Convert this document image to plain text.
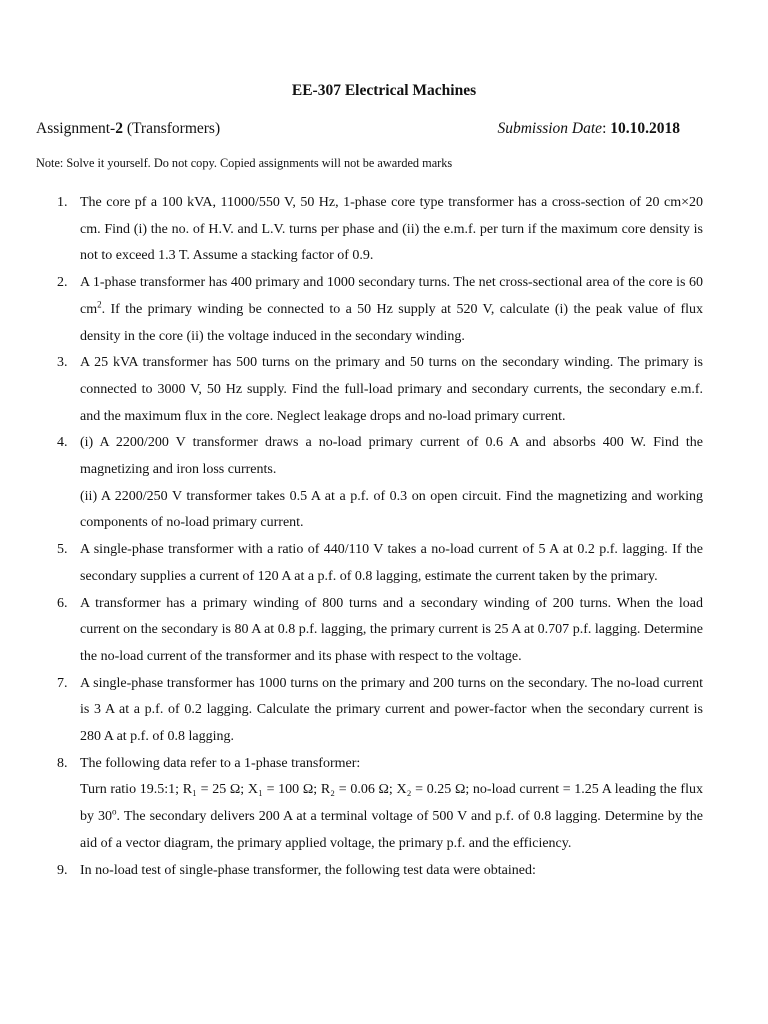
EE-307 Electrical Machines
Assignment-2 (Transformers)	Submission Date: 10.10.2018
Note: Solve it yourself. Do not copy. Copied assignments will not be awarded marks
1. The core pf a 100 kVA, 11000/550 V, 50 Hz, 1-phase core type transformer has a cross-section of 20 cm×20 cm. Find (i) the no. of H.V. and L.V. turns per phase and (ii) the e.m.f. per turn if the maximum core density is not to exceed 1.3 T. Assume a stacking factor of 0.9.
2. A 1-phase transformer has 400 primary and 1000 secondary turns. The net cross-sectional area of the core is 60 $cm^2$. If the primary winding be connected to a 50 Hz supply at 520 V, calculate (i) the peak value of flux density in the core (ii) the voltage induced in the secondary winding.
3. A 25 kVA transformer has 500 turns on the primary and 50 turns on the secondary winding. The primary is connected to 3000 V, 50 Hz supply. Find the full-load primary and secondary currents, the secondary e.m.f. and the maximum flux in the core. Neglect leakage drops and no-load primary current.
4. (i) A 2200/200 V transformer draws a no-load primary current of 0.6 A and absorbs 400 W. Find the magnetizing and iron loss currents.
(ii) A 2200/250 V transformer takes 0.5 A at a p.f. of 0.3 on open circuit. Find the magnetizing and working components of no-load primary current.
5. A single-phase transformer with a ratio of 440/110 V takes a no-load current of 5 A at 0.2 p.f. lagging. If the secondary supplies a current of 120 A at a p.f. of 0.8 lagging, estimate the current taken by the primary.
6. A transformer has a primary winding of 800 turns and a secondary winding of 200 turns. When the load current on the secondary is 80 A at 0.8 p.f. lagging, the primary current is 25 A at 0.707 p.f. lagging. Determine the no-load current of the transformer and its phase with respect to the voltage.
7. A single-phase transformer has 1000 turns on the primary and 200 turns on the secondary. The no-load current is 3 A at a p.f. of 0.2 lagging. Calculate the primary current and power-factor when the secondary current is 280 A at p.f. of 0.8 lagging.
8. The following data refer to a 1-phase transformer:
Turn ratio 19.5:1; R₁ = 25 Ω; X₁ = 100 Ω; R₂ = 0.06 Ω; X₂ = 0.25 Ω; no-load current = 1.25 A leading the flux by 30$^o$. The secondary delivers 200 A at a terminal voltage of 500 V and p.f. of 0.8 lagging. Determine by the aid of a vector diagram, the primary applied voltage, the primary p.f. and the efficiency.
9. In no-load test of single-phase transformer, the following test data were obtained:
